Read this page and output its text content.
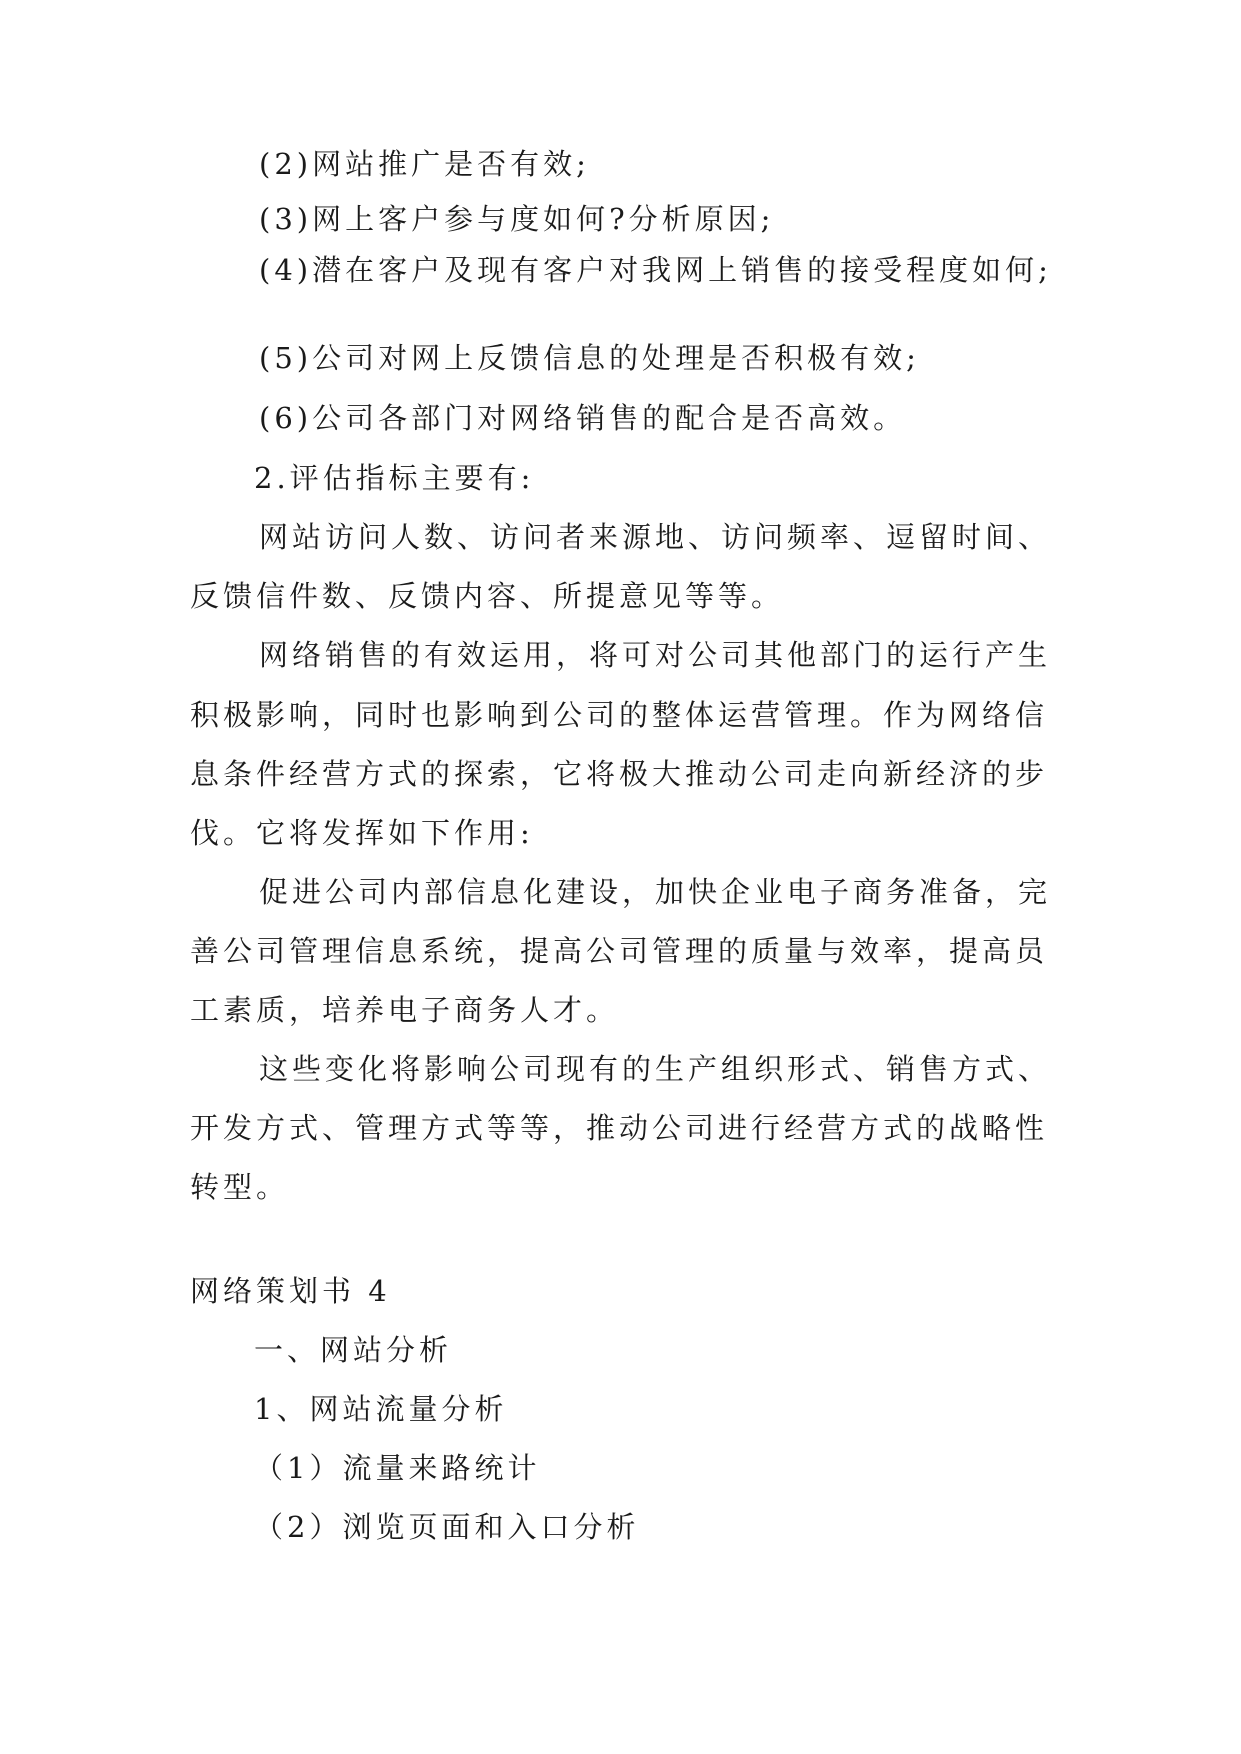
(2)网站推广是否有效;

(3)网上客户参与度如何?分析原因;

(4)潜在客户及现有客户对我网上销售的接受程度如何;

(5)公司对网上反馈信息的处理是否积极有效;

(6)公司各部门对网络销售的配合是否高效。

2.评估指标主要有:

网站访问人数、访问者来源地、访问频率、逗留时间、

反馈信件数、反馈内容、所提意见等等。

网络销售的有效运用，将可对公司其他部门的运行产生

积极影响，同时也影响到公司的整体运营管理。作为网络信

息条件经营方式的探索，它将极大推动公司走向新经济的步

伐。它将发挥如下作用:

促进公司内部信息化建设，加快企业电子商务准备，完

善公司管理信息系统，提高公司管理的质量与效率，提高员

工素质，培养电子商务人才。

这些变化将影响公司现有的生产组织形式、销售方式、

开发方式、管理方式等等，推动公司进行经营方式的战略性

转型。

网络策划书 4

一、网站分析

1、网站流量分析

（1）流量来路统计

（2）浏览页面和入口分析
